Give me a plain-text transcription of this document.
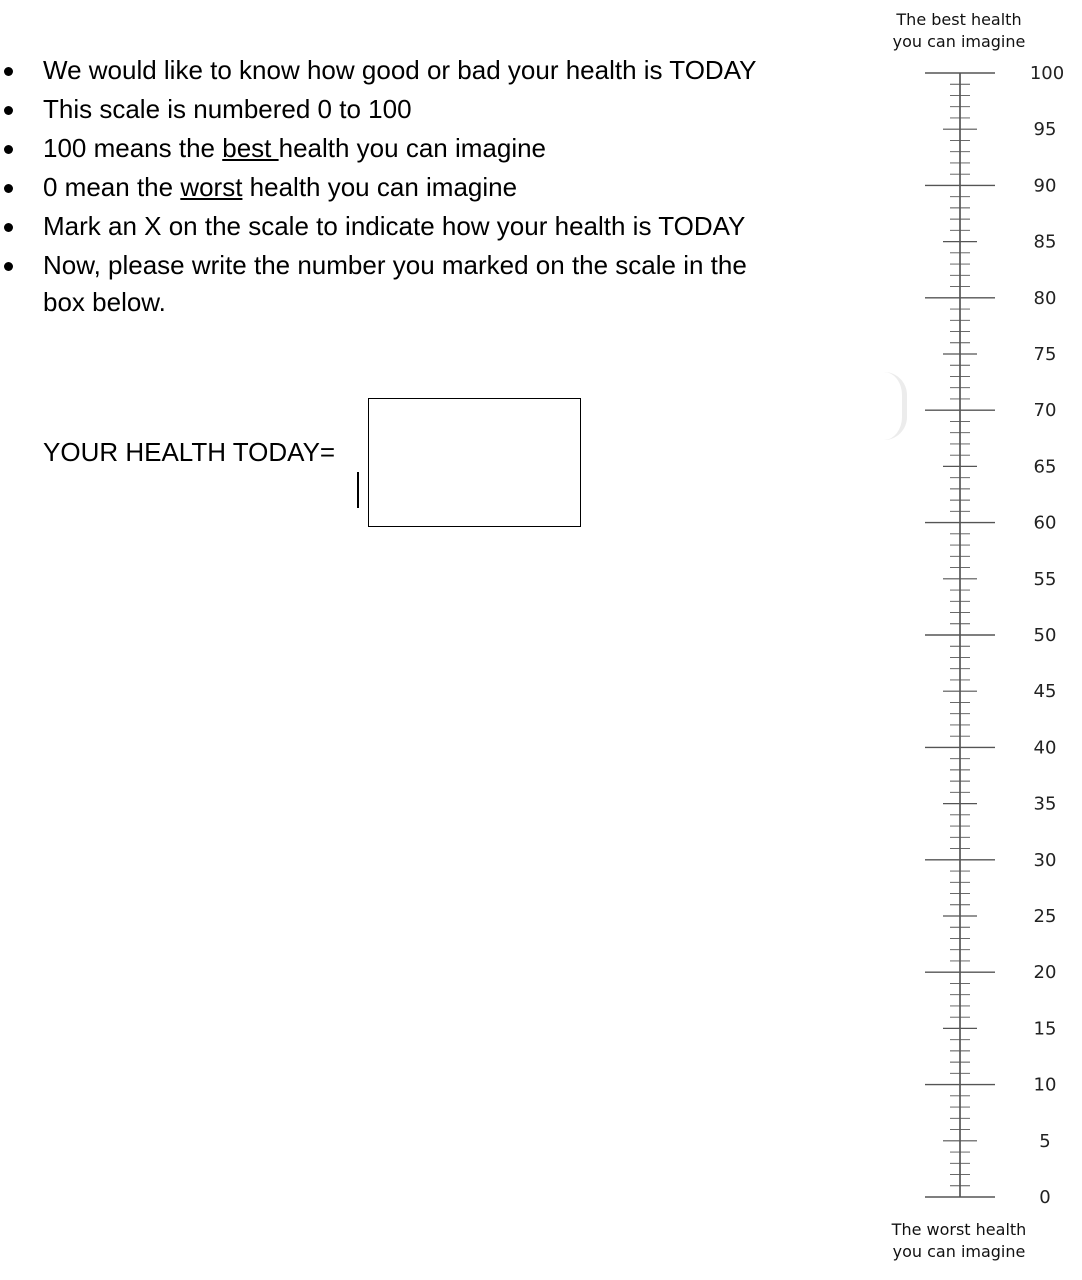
We would like to know how good or bad your health is TODAY
This scale is numbered 0 to 100
100 means the best health you can imagine
0 mean the worst health you can imagine
Mark an X on the scale to indicate how your health is TODAY
Now, please write the number you marked on the scale in the box below.
YOUR HEALTH TODAY=
The best health
you can imagine
100
95
90
85
80
75
70
65
60
55
50
45
40
35
30
25
20
15
10
5
0
The worst health
you can imagine
